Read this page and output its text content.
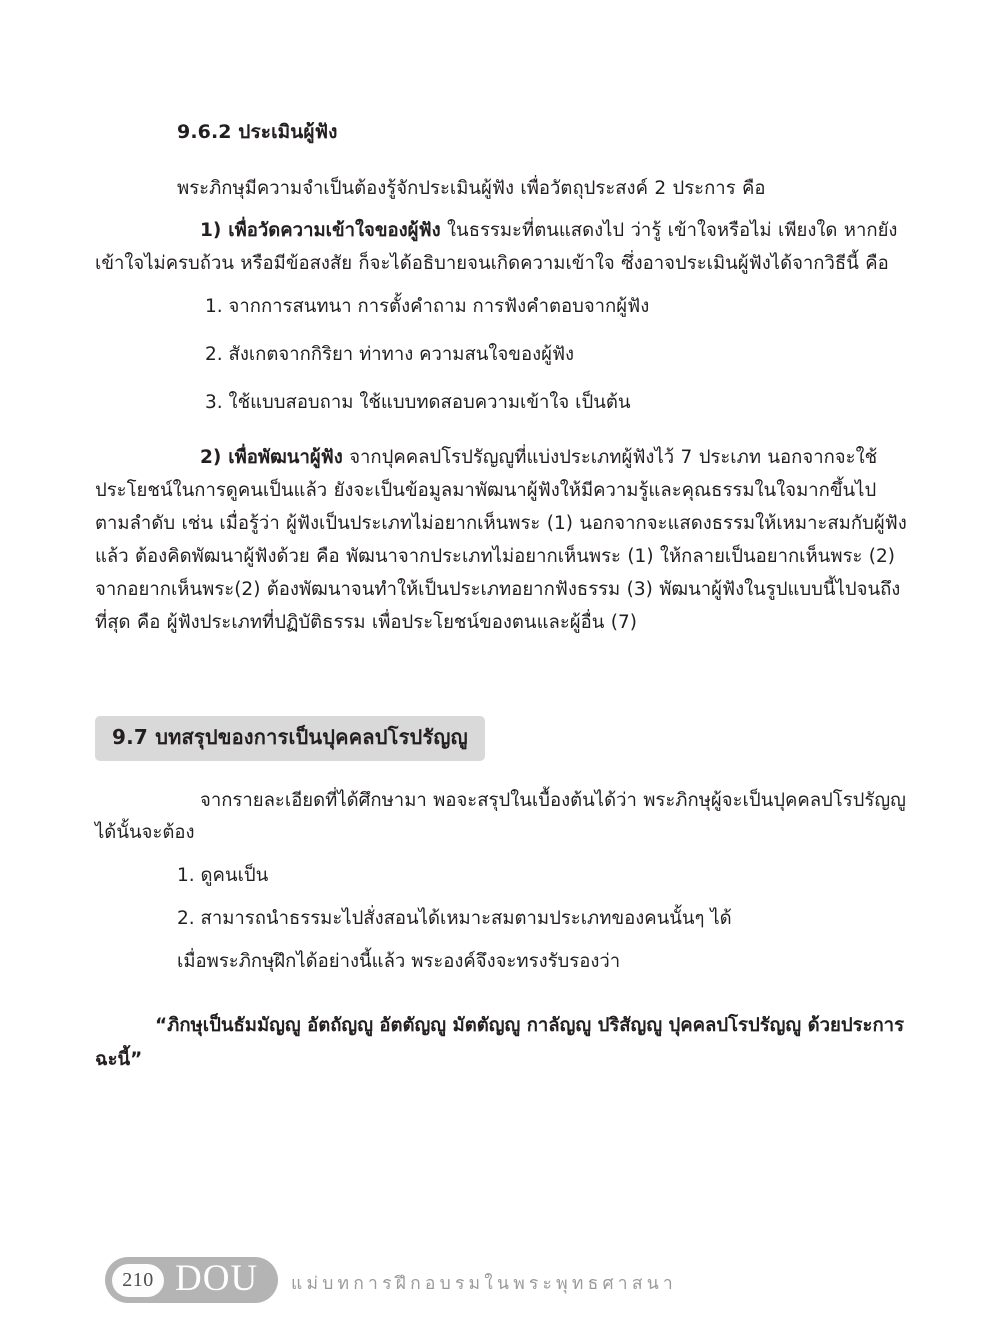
9.6.2 ประเมินผู้ฟัง

พระภิกษุมีความจำเป็นต้องรู้จักประเมินผู้ฟัง เพื่อวัตถุประสงค์ 2 ประการ คือ

1) เพื่อวัดความเข้าใจของผู้ฟัง ในธรรมะที่ตนแสดงไป ว่ารู้ เข้าใจหรือไม่ เพียงใด หากยังเข้าใจไม่ครบถ้วน หรือมีข้อสงสัย ก็จะได้อธิบายจนเกิดความเข้าใจ ซึ่งอาจประเมินผู้ฟังได้จากวิธีนี้ คือ

1. จากการสนทนา การตั้งคำถาม การฟังคำตอบจากผู้ฟัง

2. สังเกตจากกิริยา ท่าทาง ความสนใจของผู้ฟัง

3. ใช้แบบสอบถาม ใช้แบบทดสอบความเข้าใจ เป็นต้น

2) เพื่อพัฒนาผู้ฟัง จากปุคคลปโรปรัญญูที่แบ่งประเภทผู้ฟังไว้ 7 ประเภท นอกจากจะใช้ประโยชน์ในการดูคนเป็นแล้ว ยังจะเป็นข้อมูลมาพัฒนาผู้ฟังให้มีความรู้และคุณธรรมในใจมากขึ้นไปตามลำดับ เช่น เมื่อรู้ว่า ผู้ฟังเป็นประเภทไม่อยากเห็นพระ (1) นอกจากจะแสดงธรรมให้เหมาะสมกับผู้ฟังแล้ว ต้องคิดพัฒนาผู้ฟังด้วย คือ พัฒนาจากประเภทไม่อยากเห็นพระ (1) ให้กลายเป็นอยากเห็นพระ (2) จากอยากเห็นพระ(2) ต้องพัฒนาจนทำให้เป็นประเภทอยากฟังธรรม (3) พัฒนาผู้ฟังในรูปแบบนี้ไปจนถึงที่สุด คือ ผู้ฟังประเภทที่ปฏิบัติธรรม เพื่อประโยชน์ของตนและผู้อื่น (7)

9.7 บทสรุปของการเป็นปุคคลปโรปรัญญู

จากรายละเอียดที่ได้ศึกษามา พอจะสรุปในเบื้องต้นได้ว่า พระภิกษุผู้จะเป็นปุคคลปโรปรัญญูได้นั้นจะต้อง

1. ดูคนเป็น

2. สามารถนำธรรมะไปสั่งสอนได้เหมาะสมตามประเภทของคนนั้นๆ ได้

เมื่อพระภิกษุฝึกได้อย่างนี้แล้ว พระองค์จึงจะทรงรับรองว่า

“ภิกษุเป็นธัมมัญญู อัตถัญญู อัตตัญญู มัตตัญญู กาลัญญู ปริสัญญู ปุคคลปโรปรัญญู ด้วยประการฉะนี้”

210 DOU แม่บทการฝึกอบรมในพระพุทธศาสนา
